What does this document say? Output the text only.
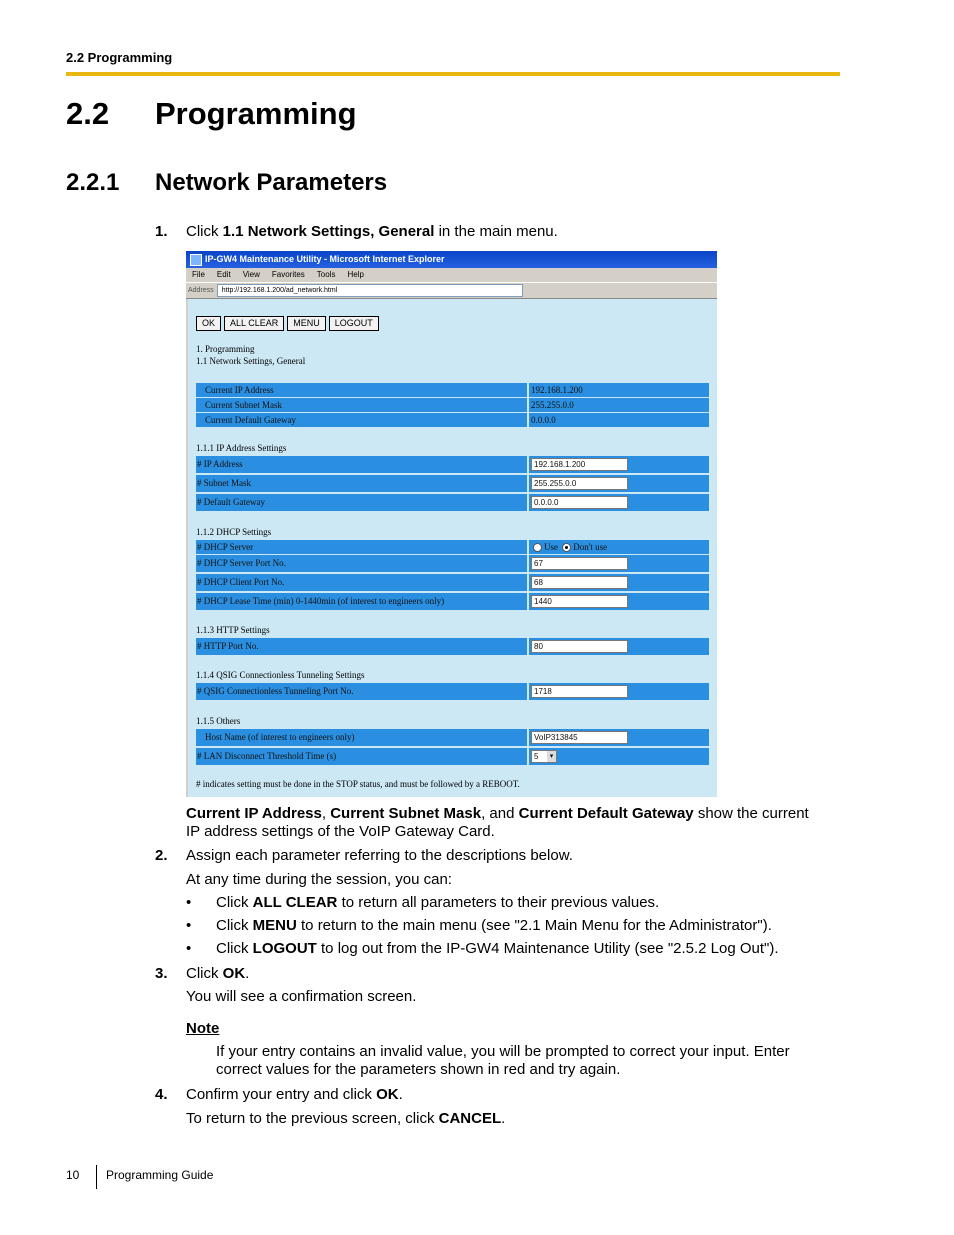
2.2 Programming
2.2 Programming
2.2.1 Network Parameters
1. Click 1.1 Network Settings, General in the main menu.
IP-GW4 Maintenance Utility - Microsoft Internet Explorer
File Edit View Favorites Tools Help
Address http://192.168.1.200/ad_network.html
OK ALL CLEAR MENU LOGOUT
1. Programming
1.1 Network Settings, General
Current IP Address	192.168.1.200
Current Subnet Mask	255.255.0.0
Current Default Gateway	0.0.0.0
1.1.1 IP Address Settings
# IP Address	192.168.1.200
# Subnet Mask	255.255.0.0
# Default Gateway	0.0.0.0
1.1.2 DHCP Settings
# DHCP Server	Use Don't use
# DHCP Server Port No.	67
# DHCP Client Port No.	68
# DHCP Lease Time (min) 0-1440min (of interest to engineers only)	1440
1.1.3 HTTP Settings
# HTTP Port No.	80
1.1.4 QSIG Connectionless Tunneling Settings
# QSIG Connectionless Tunneling Port No.	1718
1.1.5 Others
Host Name (of interest to engineers only)	VoIP313845
# LAN Disconnect Threshold Time (s)	5	▾
# indicates setting must be done in the STOP status, and must be followed by a REBOOT.
Current IP Address, Current Subnet Mask, and Current Default Gateway show the current
IP address settings of the VoIP Gateway Card.
2. Assign each parameter referring to the descriptions below.
At any time during the session, you can:
• Click ALL CLEAR to return all parameters to their previous values.
• Click MENU to return to the main menu (see "2.1 Main Menu for the Administrator").
• Click LOGOUT to log out from the IP-GW4 Maintenance Utility (see "2.5.2 Log Out").
3. Click OK.
You will see a confirmation screen.
Note
If your entry contains an invalid value, you will be prompted to correct your input. Enter
correct values for the parameters shown in red and try again.
4. Confirm your entry and click OK.
To return to the previous screen, click CANCEL.
10 Programming Guide
